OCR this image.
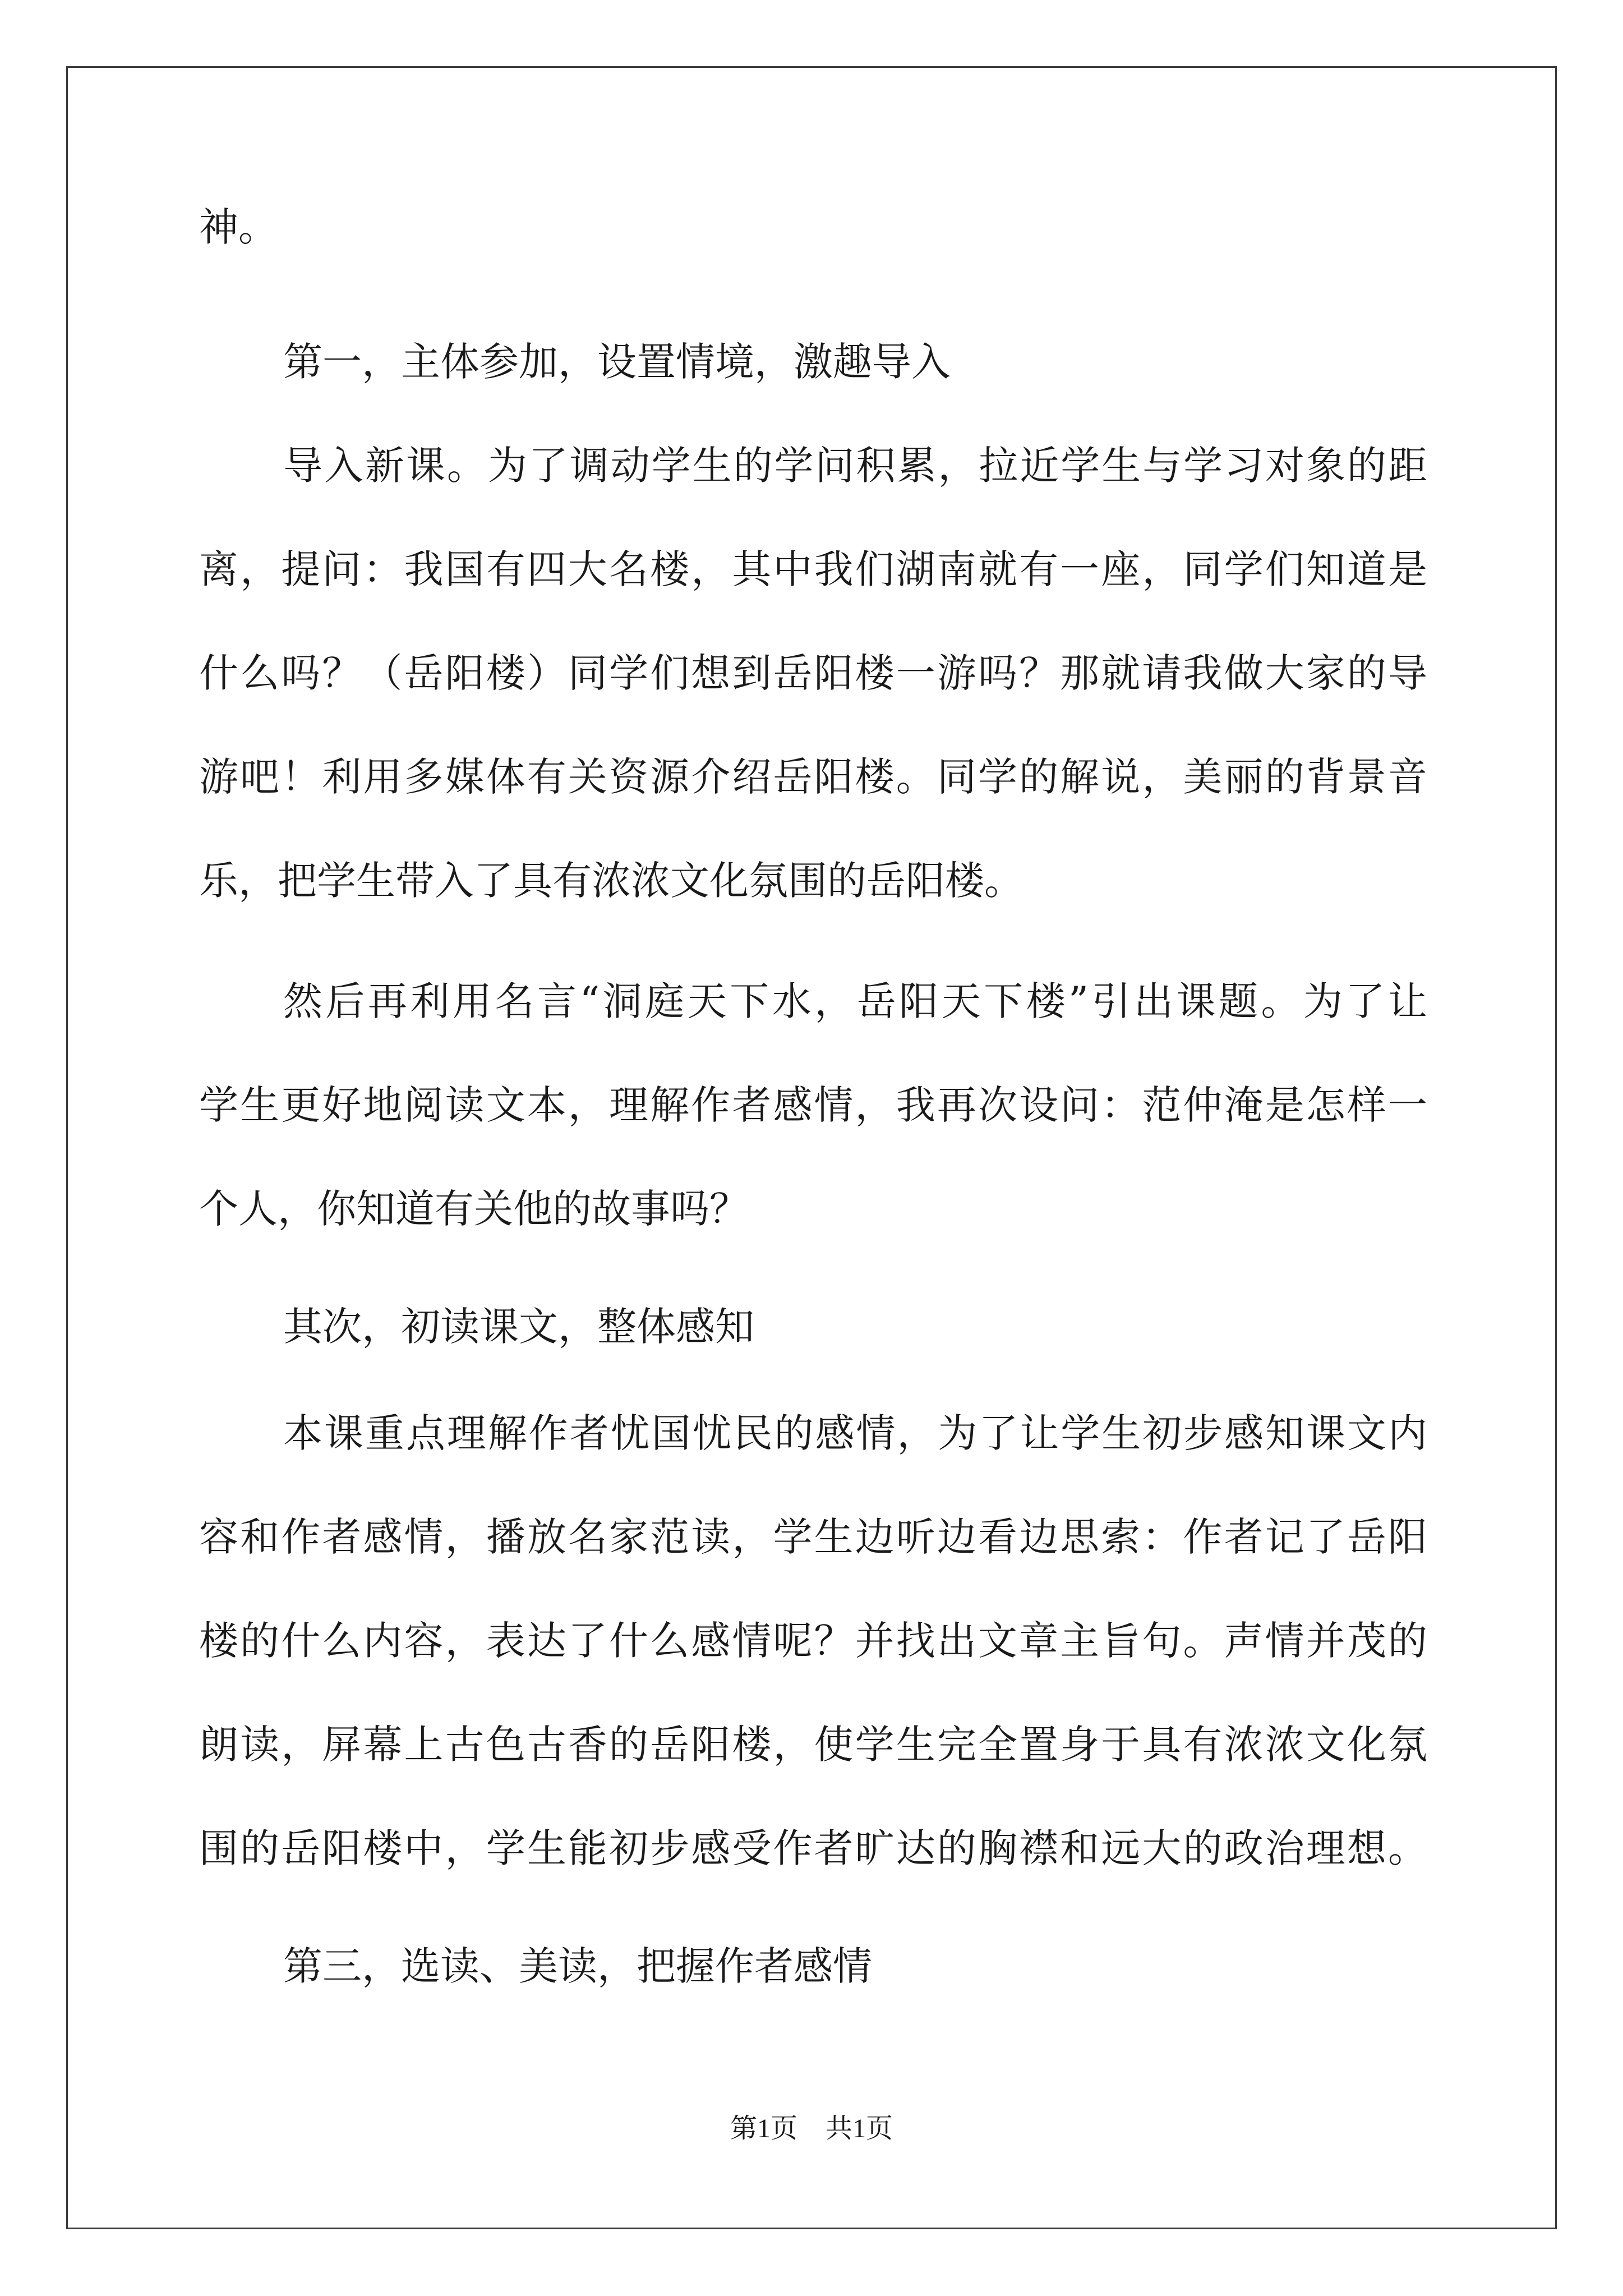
神。
第一，主体参加，设置情境，激趣导入
导入新课。为了调动学生的学问积累，拉近学生与学习对象的距
离，提问：我国有四大名楼，其中我们湖南就有一座，同学们知道是
什么吗？（岳阳楼）同学们想到岳阳楼一游吗？那就请我做大家的导
游吧！利用多媒体有关资源介绍岳阳楼。同学的解说，美丽的背景音
乐，把学生带入了具有浓浓文化氛围的岳阳楼。
然后再利用名言“洞庭天下水，岳阳天下楼”引出课题。为了让
学生更好地阅读文本，理解作者感情，我再次设问：范仲淹是怎样一
个人，你知道有关他的故事吗？
其次，初读课文，整体感知
本课重点理解作者忧国忧民的感情，为了让学生初步感知课文内
容和作者感情，播放名家范读，学生边听边看边思索：作者记了岳阳
楼的什么内容，表达了什么感情呢？并找出文章主旨句。声情并茂的
朗读，屏幕上古色古香的岳阳楼，使学生完全置身于具有浓浓文化氛
围的岳阳楼中，学生能初步感受作者旷达的胸襟和远大的政治理想。
第三，选读、美读，把握作者感情
第1页 共1页
